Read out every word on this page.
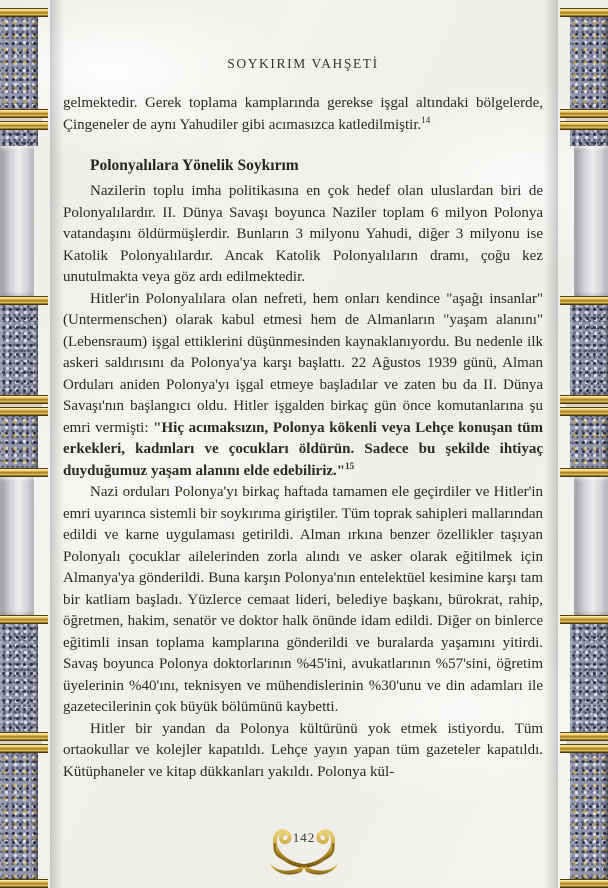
SOYKIRIM VAHŞETİ

gelmektedir. Gerek toplama kamplarında gerekse işgal altındaki bölgelerde, Çingeneler de aynı Yahudiler gibi acımasızca katledilmiştir.$^{14}$

Polonyalılara Yönelik Soykırım

Nazilerin toplu imha politikasına en çok hedef olan uluslardan biri de Polonyalılardır. II. Dünya Savaşı boyunca Naziler toplam 6 milyon Polonya vatandaşını öldürmüşlerdir. Bunların 3 milyonu Yahudi, diğer 3 milyonu ise Katolik Polonyalılardır. Ancak Katolik Polonyalıların dramı, çoğu kez unutulmakta veya göz ardı edilmektedir.

Hitler'in Polonyalılara olan nefreti, hem onları kendince "aşağı insanlar" (Untermenschen) olarak kabul etmesi hem de Almanların "yaşam alanını" (Lebensraum) işgal ettiklerini düşünmesinden kaynaklanıyordu. Bu nedenle ilk askeri saldırısını da Polonya'ya karşı başlattı. 22 Ağustos 1939 günü, Alman Orduları aniden Polonya'yı işgal etmeye başladılar ve zaten bu da II. Dünya Savaşı'nın başlangıcı oldu. Hitler işgalden birkaç gün önce komutanlarına şu emri vermişti: "Hiç acımaksızın, Polonya kökenli veya Lehçe konuşan tüm erkekleri, kadınları ve çocukları öldürün. Sadece bu şekilde ihtiyaç duyduğumuz yaşam alanını elde edebiliriz."$^{15}$

Nazi orduları Polonya'yı birkaç haftada tamamen ele geçirdiler ve Hitler'in emri uyarınca sistemli bir soykırıma giriştiler. Tüm toprak sahipleri mallarından edildi ve karne uygulaması getirildi. Alman ırkına benzer özellikler taşıyan Polonyalı çocuklar ailelerinden zorla alındı ve asker olarak eğitilmek için Almanya'ya gönderildi. Buna karşın Polonya'nın entelektüel kesimine karşı tam bir katliam başladı. Yüzlerce cemaat lideri, belediye başkanı, bürokrat, rahip, öğretmen, hakim, senatör ve doktor halk önünde idam edildi. Diğer on binlerce eğitimli insan toplama kamplarına gönderildi ve buralarda yaşamını yitirdi. Savaş boyunca Polonya doktorlarının %45'ini, avukatlarının %57'sini, öğretim üyelerinin %40'ını, teknisyen ve mühendislerinin %30'unu ve din adamları ile gazetecilerinin çok büyük bölümünü kaybetti.

Hitler bir yandan da Polonya kültürünü yok etmek istiyordu. Tüm ortaokullar ve kolejler kapatıldı. Lehçe yayın yapan tüm gazeteler kapatıldı. Kütüphaneler ve kitap dükkanları yakıldı. Polonya kül-

142
